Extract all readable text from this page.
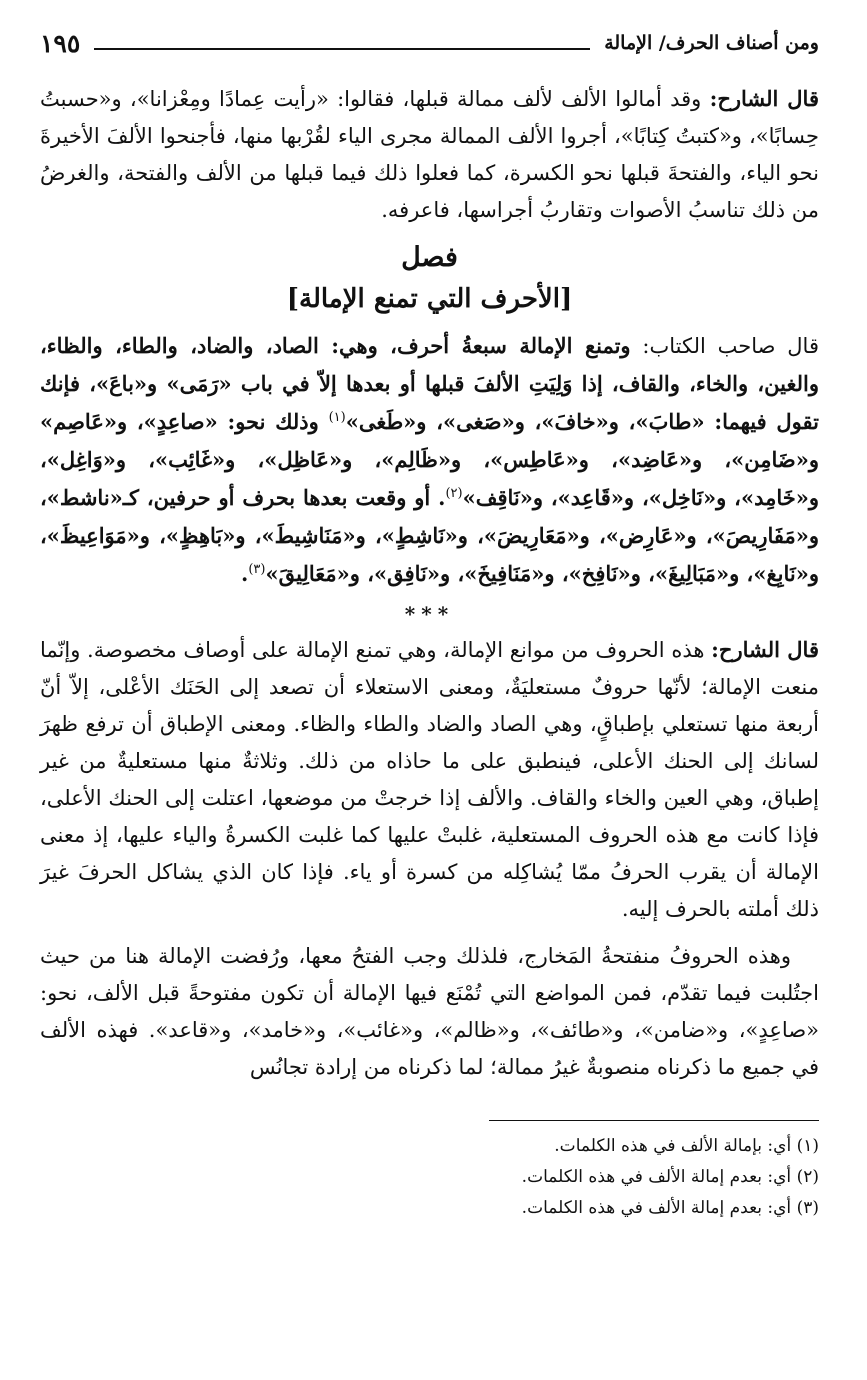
ومن أصناف الحرف/ الإمالة
١٩٥

قال الشارح: وقد أمالوا الألف لألف ممالة قبلها، فقالوا: «رأيت عِمادًا ومِعْزانا»، و«حسبتُ حِسابًا»، و«كتبتُ كِتابًا»، أجروا الألف الممالة مجرى الياء لقُرْبها منها، فأجنحوا الألفَ الأخيرةَ نحو الياء، والفتحةَ قبلها نحو الكسرة، كما فعلوا ذلك فيما قبلها من الألف والفتحة، والغرضُ من ذلك تناسبُ الأصوات وتقاربُ أجراسها، فاعرفه.

فصل
[الأحرف التي تمنع الإمالة]

قال صاحب الكتاب: وتمنع الإمالة سبعةُ أحرف، وهي: الصاد، والضاد، والطاء، والظاء، والغين، والخاء، والقاف، إذا وَلِيَتِ الألفَ قبلها أو بعدها إلاّ في باب «رَمَى» و«باعَ»، فإنك تقول فيهما: «طابَ»، و«خافَ»، و«صَغى»، و«طَغى»$^{(١)}$ وذلك نحو: «صاعِدٍ»، و«عَاصِم» و«ضَامِن»، و«عَاضِد»، و«عَاطِس»، و«ظَالِم»، و«عَاظِل»، و«غَائِب»، و«وَاغِل»، و«خَامِد»، و«نَاخِل»، و«قَاعِد»، و«نَاقِف»$^{(٢)}$. أو وقعت بعدها بحرف أو حرفين، كـ«ناشط»، و«مَفَارِيصَ»، و«عَارِض»، و«مَعَارِيضَ»، و«نَاشِطٍ»، و«مَنَاشِيطَ»، و«بَاهِظٍ»، و«مَوَاعِيظَ»، و«نَابِغ»، و«مَبَالِيغَ»، و«نَافِخ»، و«مَنَافِيخَ»، و«نَافِق»، و«مَعَالِيقَ»$^{(٣)}$.

***

قال الشارح: هذه الحروف من موانع الإمالة، وهي تمنع الإمالة على أوصاف مخصوصة. وإنّما منعت الإمالة؛ لأنّها حروفٌ مستعليَةٌ، ومعنى الاستعلاء أن تصعد إلى الحَنَك الأعْلى، إلاّ أنّ أربعة منها تستعلي بإطباقٍ، وهي الصاد والضاد والطاء والظاء. ومعنى الإطباق أن ترفع ظهرَ لسانك إلى الحنك الأعلى، فينطبق على ما حاذاه من ذلك. وثلاثةٌ منها مستعليةٌ من غير إطباق، وهي العين والخاء والقاف. والألف إذا خرجتْ من موضعها، اعتلت إلى الحنك الأعلى، فإذا كانت مع هذه الحروف المستعلية، غلبتْ عليها كما غلبت الكسرةُ والياء عليها، إذ معنى الإمالة أن يقرب الحرفُ ممّا يُشاكِله من كسرة أو ياء. فإذا كان الذي يشاكل الحرفَ غيرَ ذلك أملته بالحرف إليه.

وهذه الحروفُ منفتحةُ المَخارج، فلذلك وجب الفتحُ معها، ورُفضت الإمالة هنا من حيث اجتُلبت فيما تقدّم، فمن المواضع التي تُمْنَع فيها الإمالة أن تكون مفتوحةً قبل الألف، نحو: «صاعِدٍ»، و«ضامن»، و«طائف»، و«ظالم»، و«غائب»، و«خامد»، و«قاعد». فهذه الألف في جميع ما ذكرناه منصوبةٌ غيرُ ممالة؛ لما ذكرناه من إرادة تجانُس

(١) أي: بإمالة الألف في هذه الكلمات.
(٢) أي: بعدم إمالة الألف في هذه الكلمات.
(٣) أي: بعدم إمالة الألف في هذه الكلمات.
